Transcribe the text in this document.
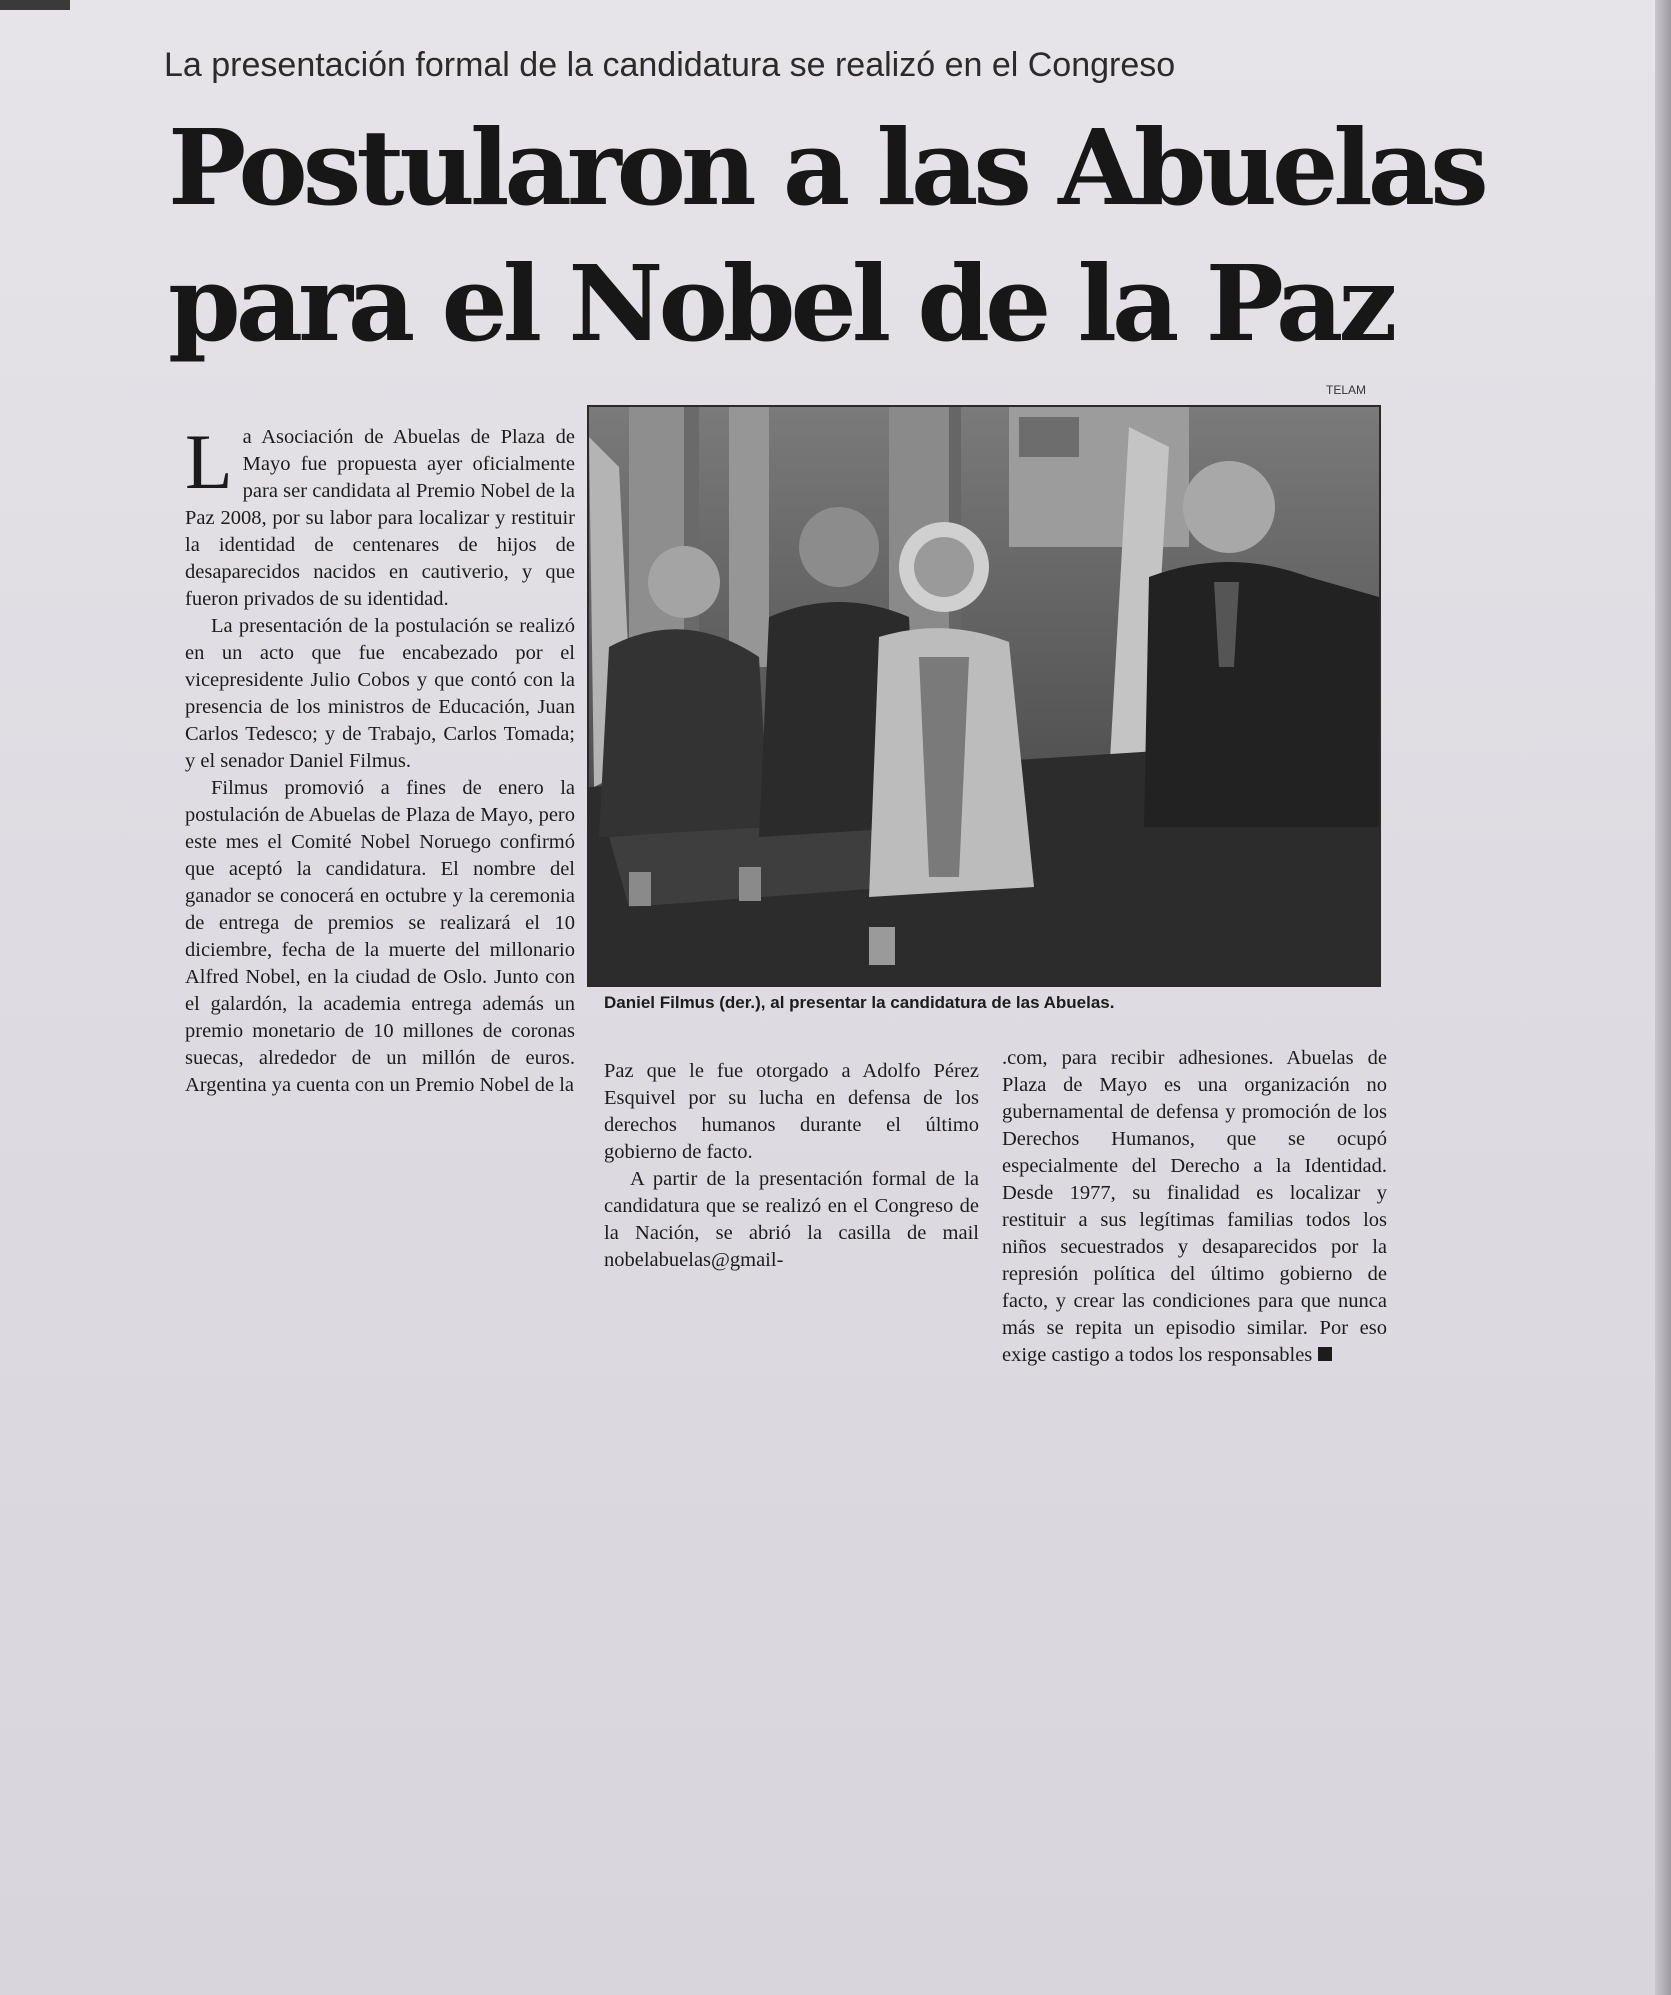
La presentación formal de la candidatura se realizó en el Congreso

Postularon a las Abuelas
para el Nobel de la Paz
TELAM
Daniel Filmus (der.), al presentar la candidatura de las Abuelas.

La Asociación de Abuelas de Plaza de Mayo fue propuesta ayer oficialmente para ser candidata al Premio Nobel de la Paz 2008, por su labor para localizar y restituir la identidad de centenares de hijos de desaparecidos nacidos en cautiverio, y que fueron privados de su identidad.

La presentación de la postulación se realizó en un acto que fue encabezado por el vicepresidente Julio Cobos y que contó con la presencia de los ministros de Educación, Juan Carlos Tedesco; y de Trabajo, Carlos Tomada; y el senador Daniel Filmus.

Filmus promovió a fines de enero la postulación de Abuelas de Plaza de Mayo, pero este mes el Comité Nobel Noruego confirmó que aceptó la candidatura. El nombre del ganador se conocerá en octubre y la ceremonia de entrega de premios se realizará el 10 diciembre, fecha de la muerte del millonario Alfred Nobel, en la ciudad de Oslo. Junto con el galardón, la academia entrega además un premio monetario de 10 millones de coronas suecas, alrededor de un millón de euros. Argentina ya cuenta con un Premio Nobel de la

Paz que le fue otorgado a Adolfo Pérez Esquivel por su lucha en defensa de los derechos humanos durante el último gobierno de facto.

A partir de la presentación formal de la candidatura que se realizó en el Congreso de la Nación, se abrió la casilla de mail nobelabuelas@gmail-

.com, para recibir adhesiones. Abuelas de Plaza de Mayo es una organización no gubernamental de defensa y promoción de los Derechos Humanos, que se ocupó especialmente del Derecho a la Identidad. Desde 1977, su finalidad es localizar y restituir a sus legítimas familias todos los niños secuestrados y desaparecidos por la represión política del último gobierno de facto, y crear las condiciones para que nunca más se repita un episodio similar. Por eso exige castigo a todos los responsables
